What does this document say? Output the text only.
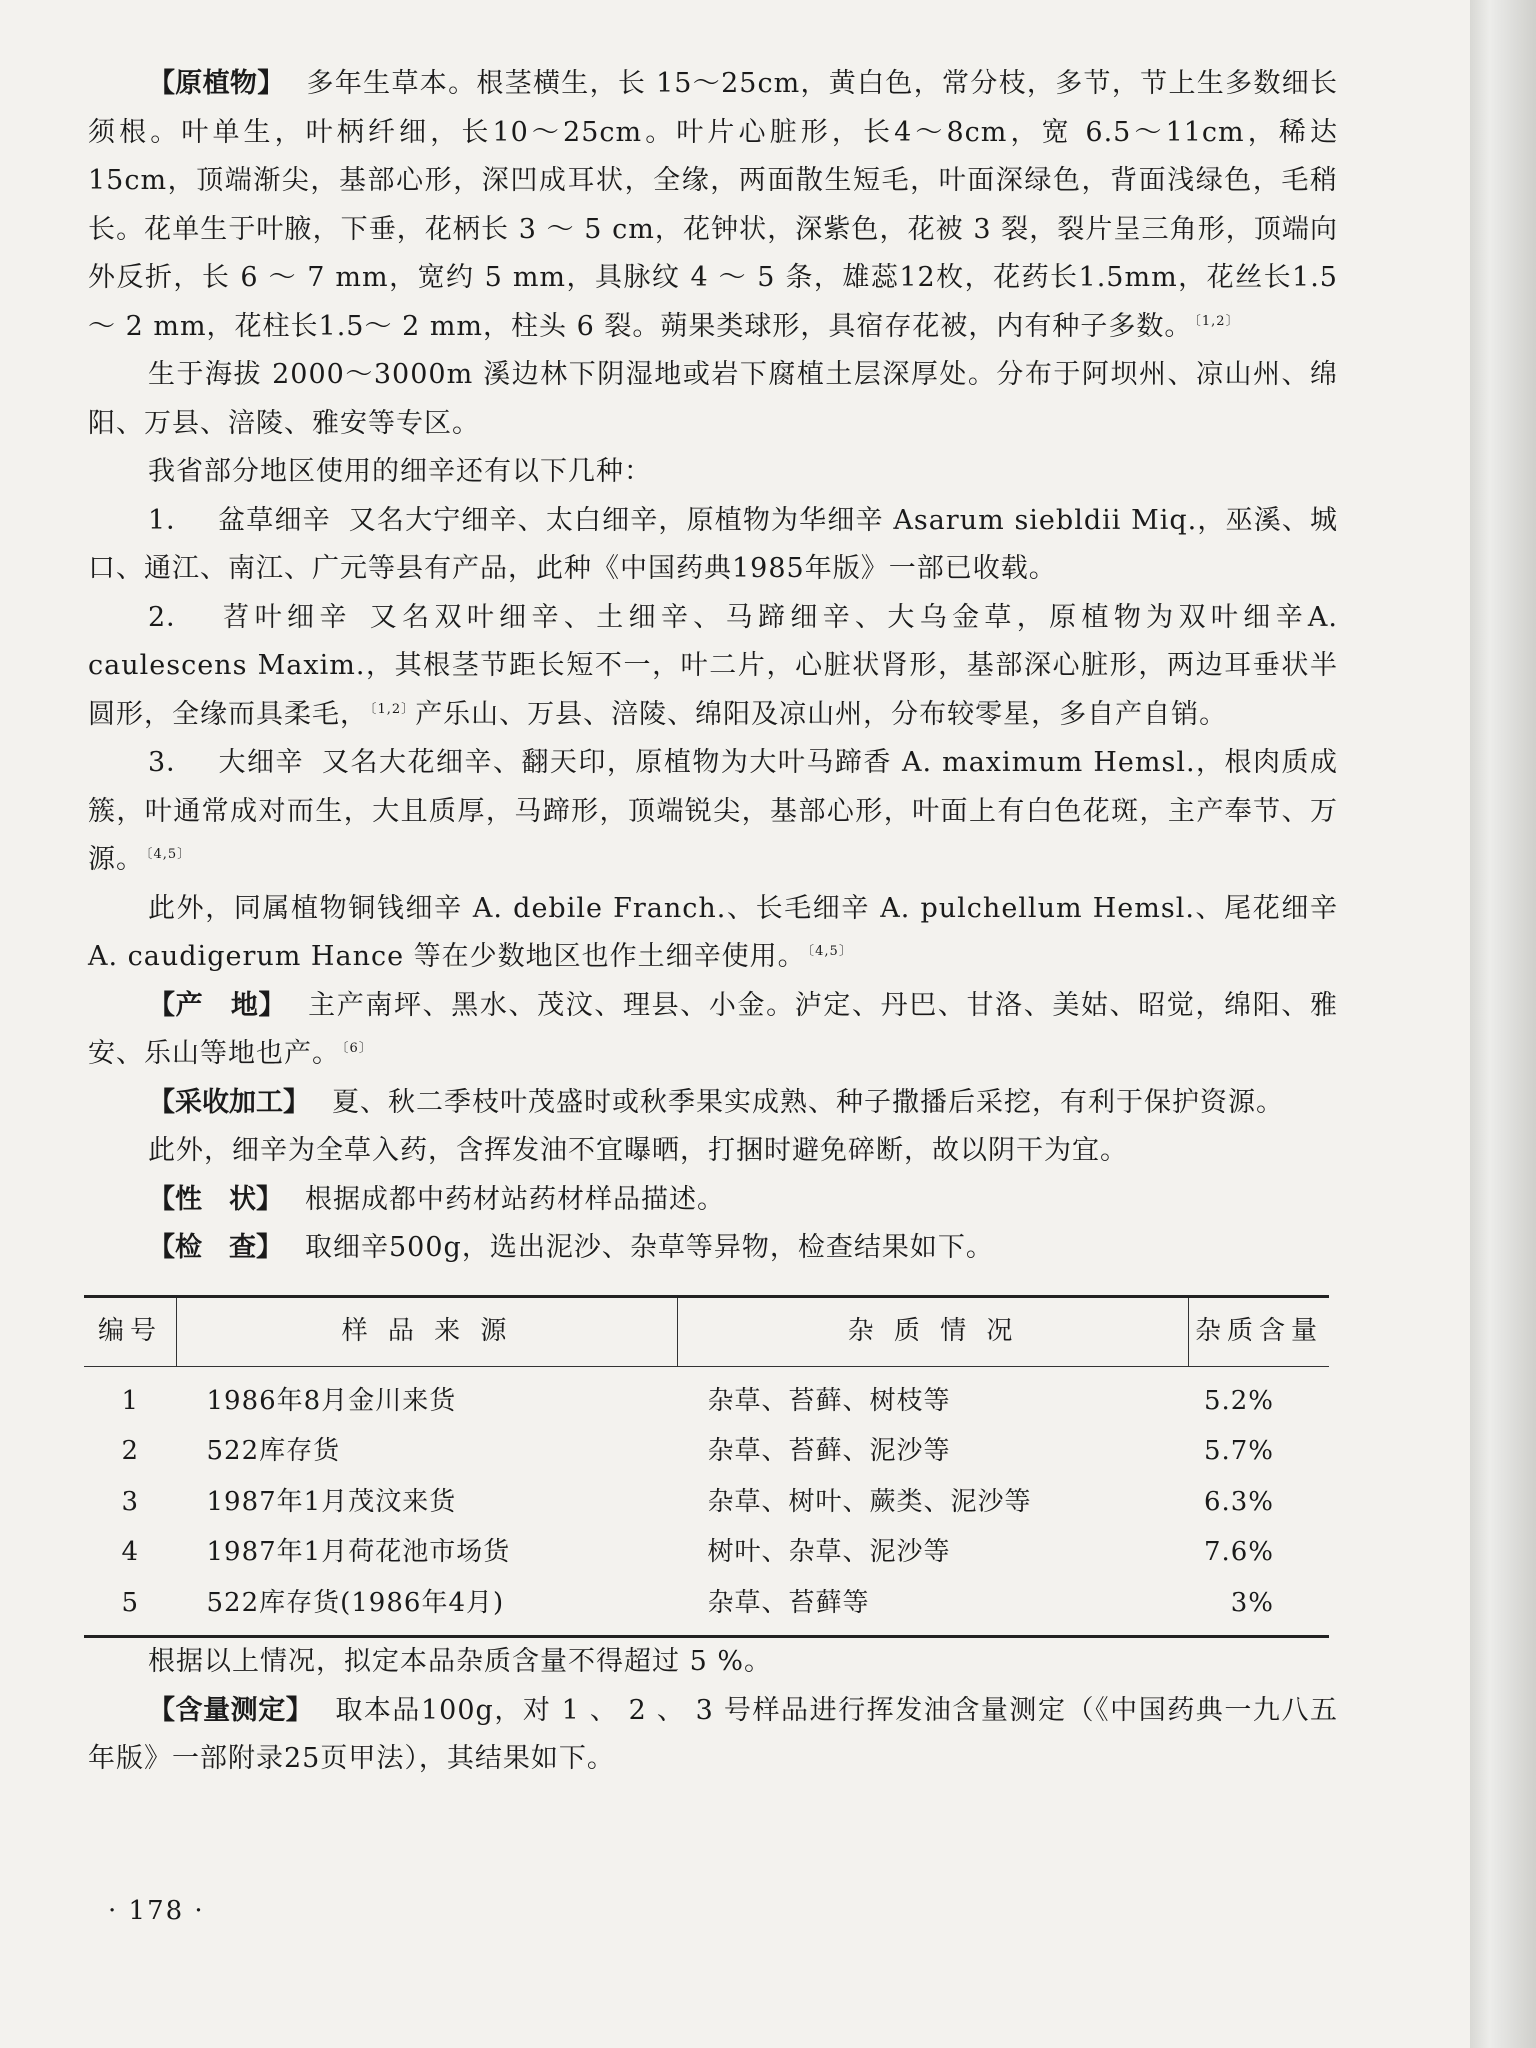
【原植物】 多年生草本。根茎横生，长 15～25cm，黄白色，常分枝，多节，节上生多数细长须根。叶单生，叶柄纤细，长10～25cm。叶片心脏形，长4～8cm，宽 6.5～11cm，稀达 15cm，顶端渐尖，基部心形，深凹成耳状，全缘，两面散生短毛，叶面深绿色，背面浅绿色，毛稍长。花单生于叶腋，下垂，花柄长 3 ～ 5 cm，花钟状，深紫色，花被 3 裂，裂片呈三角形，顶端向外反折，长 6 ～ 7 mm，宽约 5 mm，具脉纹 4 ～ 5 条，雄蕊12枚，花药长1.5mm，花丝长1.5～ 2 mm，花柱长1.5～ 2 mm，柱头 6 裂。蒴果类球形，具宿存花被，内有种子多数。 $^{〔1,2〕}$

生于海拔 2000～3000m 溪边林下阴湿地或岩下腐植土层深厚处。分布于阿坝州、凉山州、绵阳、万县、涪陵、雅安等专区。

我省部分地区使用的细辛还有以下几种：

1． 盆草细辛 又名大宁细辛、太白细辛，原植物为华细辛 Asarum siebldii Miq.，巫溪、城口、通江、南江、广元等县有产品，此种《中国药典1985年版》一部已收载。

2． 苕叶细辛 又名双叶细辛、土细辛、马蹄细辛、大乌金草，原植物为双叶细辛A. caulescens Maxim.，其根茎节距长短不一，叶二片，心脏状肾形，基部深心脏形，两边耳垂状半圆形，全缘而具柔毛， $^{〔1,2〕}$产乐山、万县、涪陵、绵阳及凉山州，分布较零星，多自产自销。

3． 大细辛 又名大花细辛、翻天印，原植物为大叶马蹄香 A. maximum Hemsl.，根肉质成簇，叶通常成对而生，大且质厚，马蹄形，顶端锐尖，基部心形，叶面上有白色花斑，主产奉节、万源。 $^{〔4,5〕}$

此外，同属植物铜钱细辛 A. debile Franch.、长毛细辛 A. pulchellum Hemsl.、尾花细辛A. caudigerum Hance 等在少数地区也作土细辛使用。 $^{〔4,5〕}$

【产　地】 主产南坪、黑水、茂汶、理县、小金。泸定、丹巴、甘洛、美姑、昭觉，绵阳、雅安、乐山等地也产。 $^{〔6〕}$

【采收加工】 夏、秋二季枝叶茂盛时或秋季果实成熟、种子撒播后采挖，有利于保护资源。

此外，细辛为全草入药，含挥发油不宜曝晒，打捆时避免碎断，故以阴干为宜。

【性　状】 根据成都中药材站药材样品描述。

【检　查】 取细辛500g，选出泥沙、杂草等异物，检查结果如下。

编号	样 品 来 源	杂 质 情 况	杂质含量
1	1986年8月金川来货	杂草、苔藓、树枝等	5.2%
2	522库存货	杂草、苔藓、泥沙等	5.7%
3	1987年1月茂汶来货	杂草、树叶、蕨类、泥沙等	6.3%
4	1987年1月荷花池市场货	树叶、杂草、泥沙等	7.6%
5	522库存货(1986年4月)	杂草、苔藓等	3%

根据以上情况，拟定本品杂质含量不得超过 5 %。

【含量测定】 取本品100g，对 1 、 2 、 3 号样品进行挥发油含量测定（《中国药典一九八五年版》一部附录25页甲法），其结果如下。

· 178 ·
